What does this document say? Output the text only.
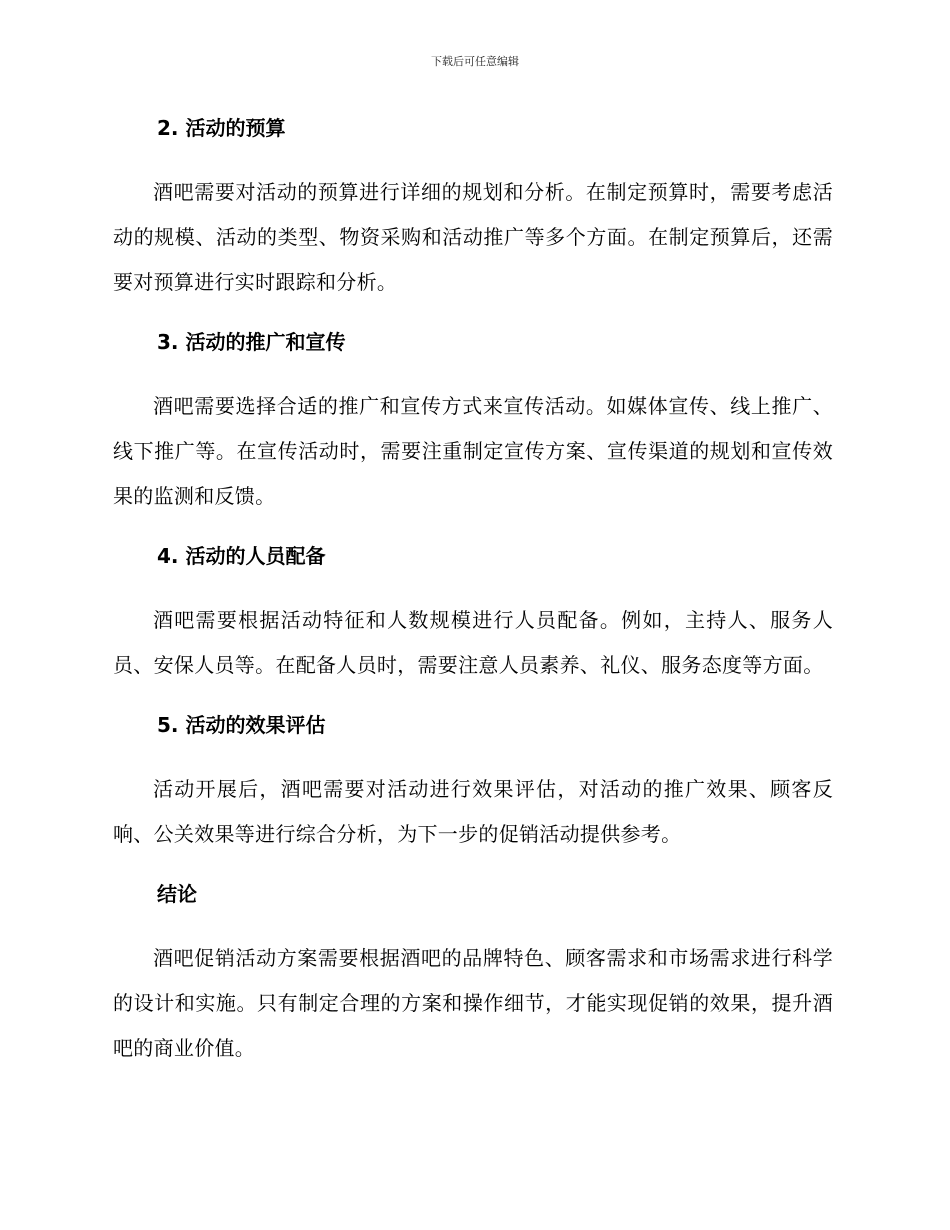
下载后可任意编辑
2. 活动的预算

酒吧需要对活动的预算进行详细的规划和分析。在制定预算时，需要考虑活动的规模、活动的类型、物资采购和活动推广等多个方面。在制定预算后，还需要对预算进行实时跟踪和分析。

3. 活动的推广和宣传

酒吧需要选择合适的推广和宣传方式来宣传活动。如媒体宣传、线上推广、线下推广等。在宣传活动时，需要注重制定宣传方案、宣传渠道的规划和宣传效果的监测和反馈。

4. 活动的人员配备

酒吧需要根据活动特征和人数规模进行人员配备。例如，主持人、服务人员、安保人员等。在配备人员时，需要注意人员素养、礼仪、服务态度等方面。

5. 活动的效果评估

活动开展后，酒吧需要对活动进行效果评估，对活动的推广效果、顾客反响、公关效果等进行综合分析，为下一步的促销活动提供参考。

结论

酒吧促销活动方案需要根据酒吧的品牌特色、顾客需求和市场需求进行科学的设计和实施。只有制定合理的方案和操作细节，才能实现促销的效果，提升酒吧的商业价值。
